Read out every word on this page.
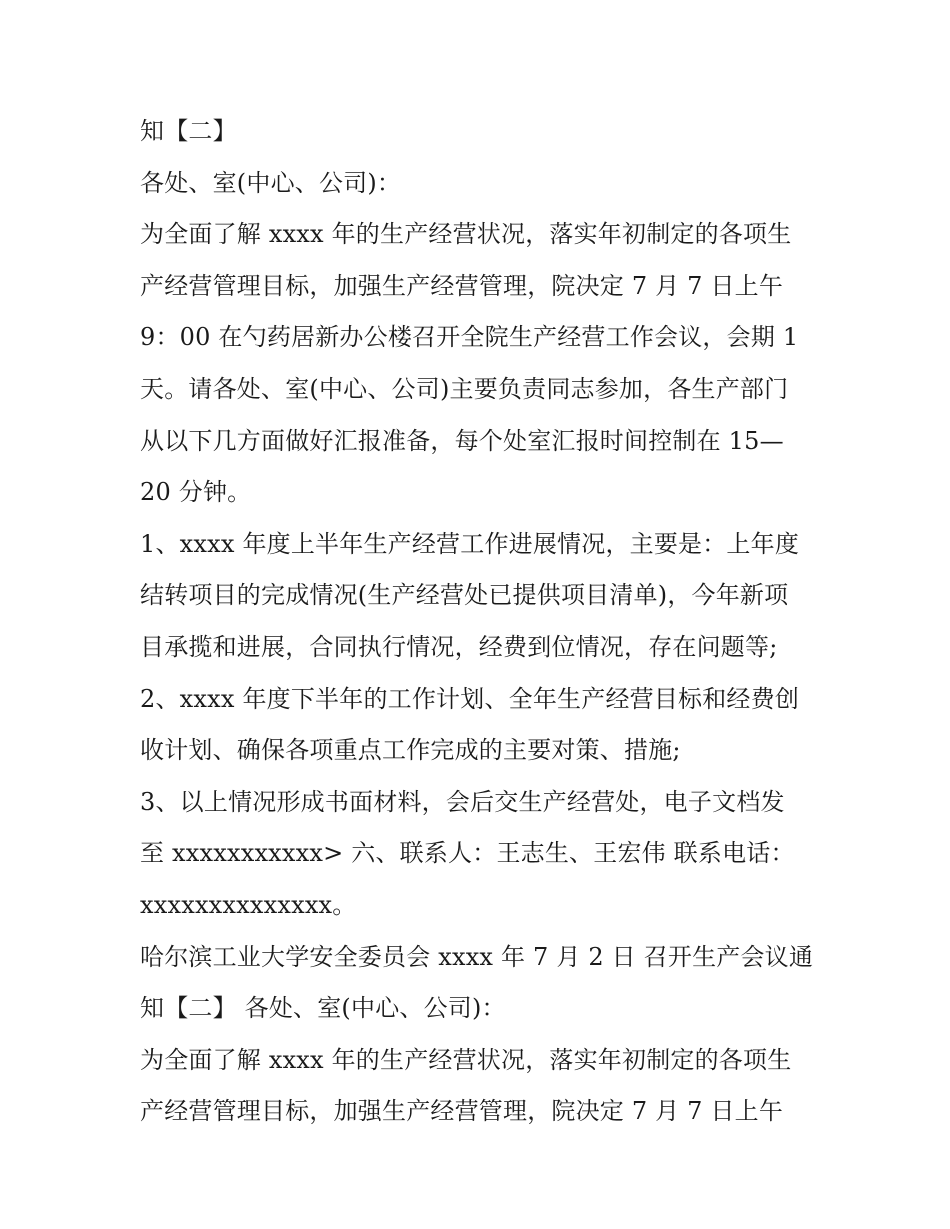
知【二】
各处、室(中心、公司)：
为全面了解 xxxx 年的生产经营状况，落实年初制定的各项生
产经营管理目标，加强生产经营管理，院决定 7 月 7 日上午
9：00 在勺药居新办公楼召开全院生产经营工作会议，会期 1
天。请各处、室(中心、公司)主要负责同志参加，各生产部门
从以下几方面做好汇报准备，每个处室汇报时间控制在 15—
20 分钟。
1、xxxx 年度上半年生产经营工作进展情况，主要是：上年度
结转项目的完成情况(生产经营处已提供项目清单)，今年新项
目承揽和进展，合同执行情况，经费到位情况，存在问题等;
2、xxxx 年度下半年的工作计划、全年生产经营目标和经费创
收计划、确保各项重点工作完成的主要对策、措施;
3、以上情况形成书面材料，会后交生产经营处，电子文档发
至 xxxxxxxxxxx> 六、联系人：王志生、王宏伟 联系电话：
xxxxxxxxxxxxxx。
哈尔滨工业大学安全委员会 xxxx 年 7 月 2 日 召开生产会议通
知【二】 各处、室(中心、公司)：
为全面了解 xxxx 年的生产经营状况，落实年初制定的各项生
产经营管理目标，加强生产经营管理，院决定 7 月 7 日上午
